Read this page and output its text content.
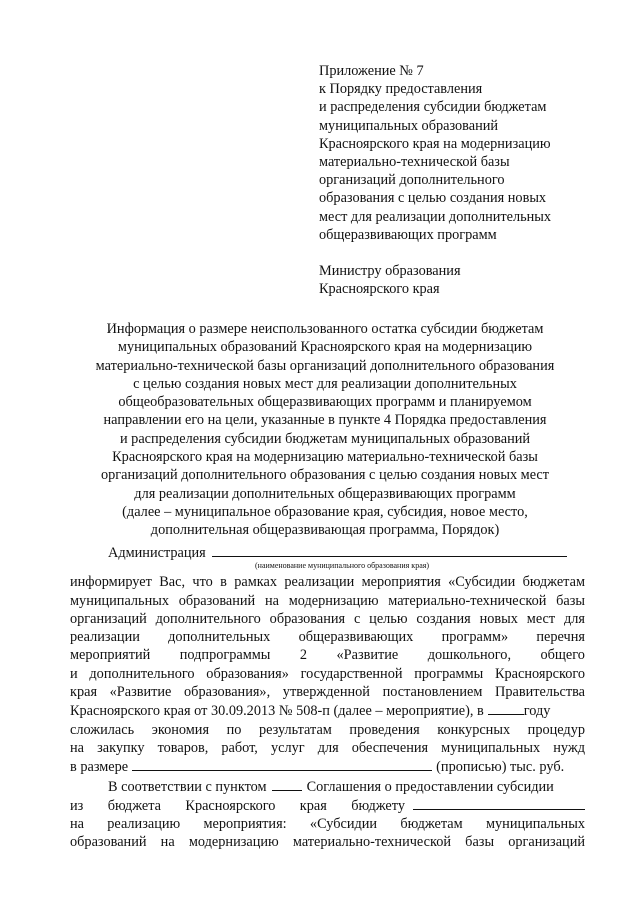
Приложение № 7
к Порядку предоставления
и распределения субсидии бюджетам
муниципальных образований
Красноярского края на модернизацию
материально-технической базы
организаций дополнительного
образования с целью создания новых
мест для реализации дополнительных
общеразвивающих программ
Министру образования
Красноярского края
Информация о размере неиспользованного остатка субсидии бюджетам
муниципальных образований Красноярского края на модернизацию
материально-технической базы организаций дополнительного образования
с целью создания новых мест для реализации дополнительных
общеобразовательных общеразвивающих программ и планируемом
направлении его на цели, указанные в пункте 4 Порядка предоставления
и распределения субсидии бюджетам муниципальных образований
Красноярского края на модернизацию материально-технической базы
организаций дополнительного образования с целью создания новых мест
для реализации дополнительных общеразвивающих программ
(далее – муниципальное образование края, субсидия, новое место,
дополнительная общеразвивающая программа, Порядок)
Администрация
(наименование муниципального образования края)
информирует Вас, что в рамках реализации мероприятия «Субсидии бюджетам
муниципальных образований на модернизацию материально-технической базы
организаций дополнительного образования с целью создания новых мест для
реализации дополнительных общеразвивающих программ» перечня
мероприятий подпрограммы 2 «Развитие дошкольного, общего
и дополнительного образования» государственной программы Красноярского
края «Развитие образования», утвержденной постановлением Правительства
Красноярского края от 30.09.2013 № 508-п (далее – мероприятие), в	году
сложилась экономия по результатам проведения конкурсных процедур
на закупку товаров, работ, услуг для обеспечения муниципальных нужд
в размере	(прописью) тыс. руб.
В соответствии с пунктом	Соглашения о предоставлении субсидии
из бюджета Красноярского края бюджету
на реализацию мероприятия: «Субсидии бюджетам муниципальных
образований на модернизацию материально-технической базы организаций
